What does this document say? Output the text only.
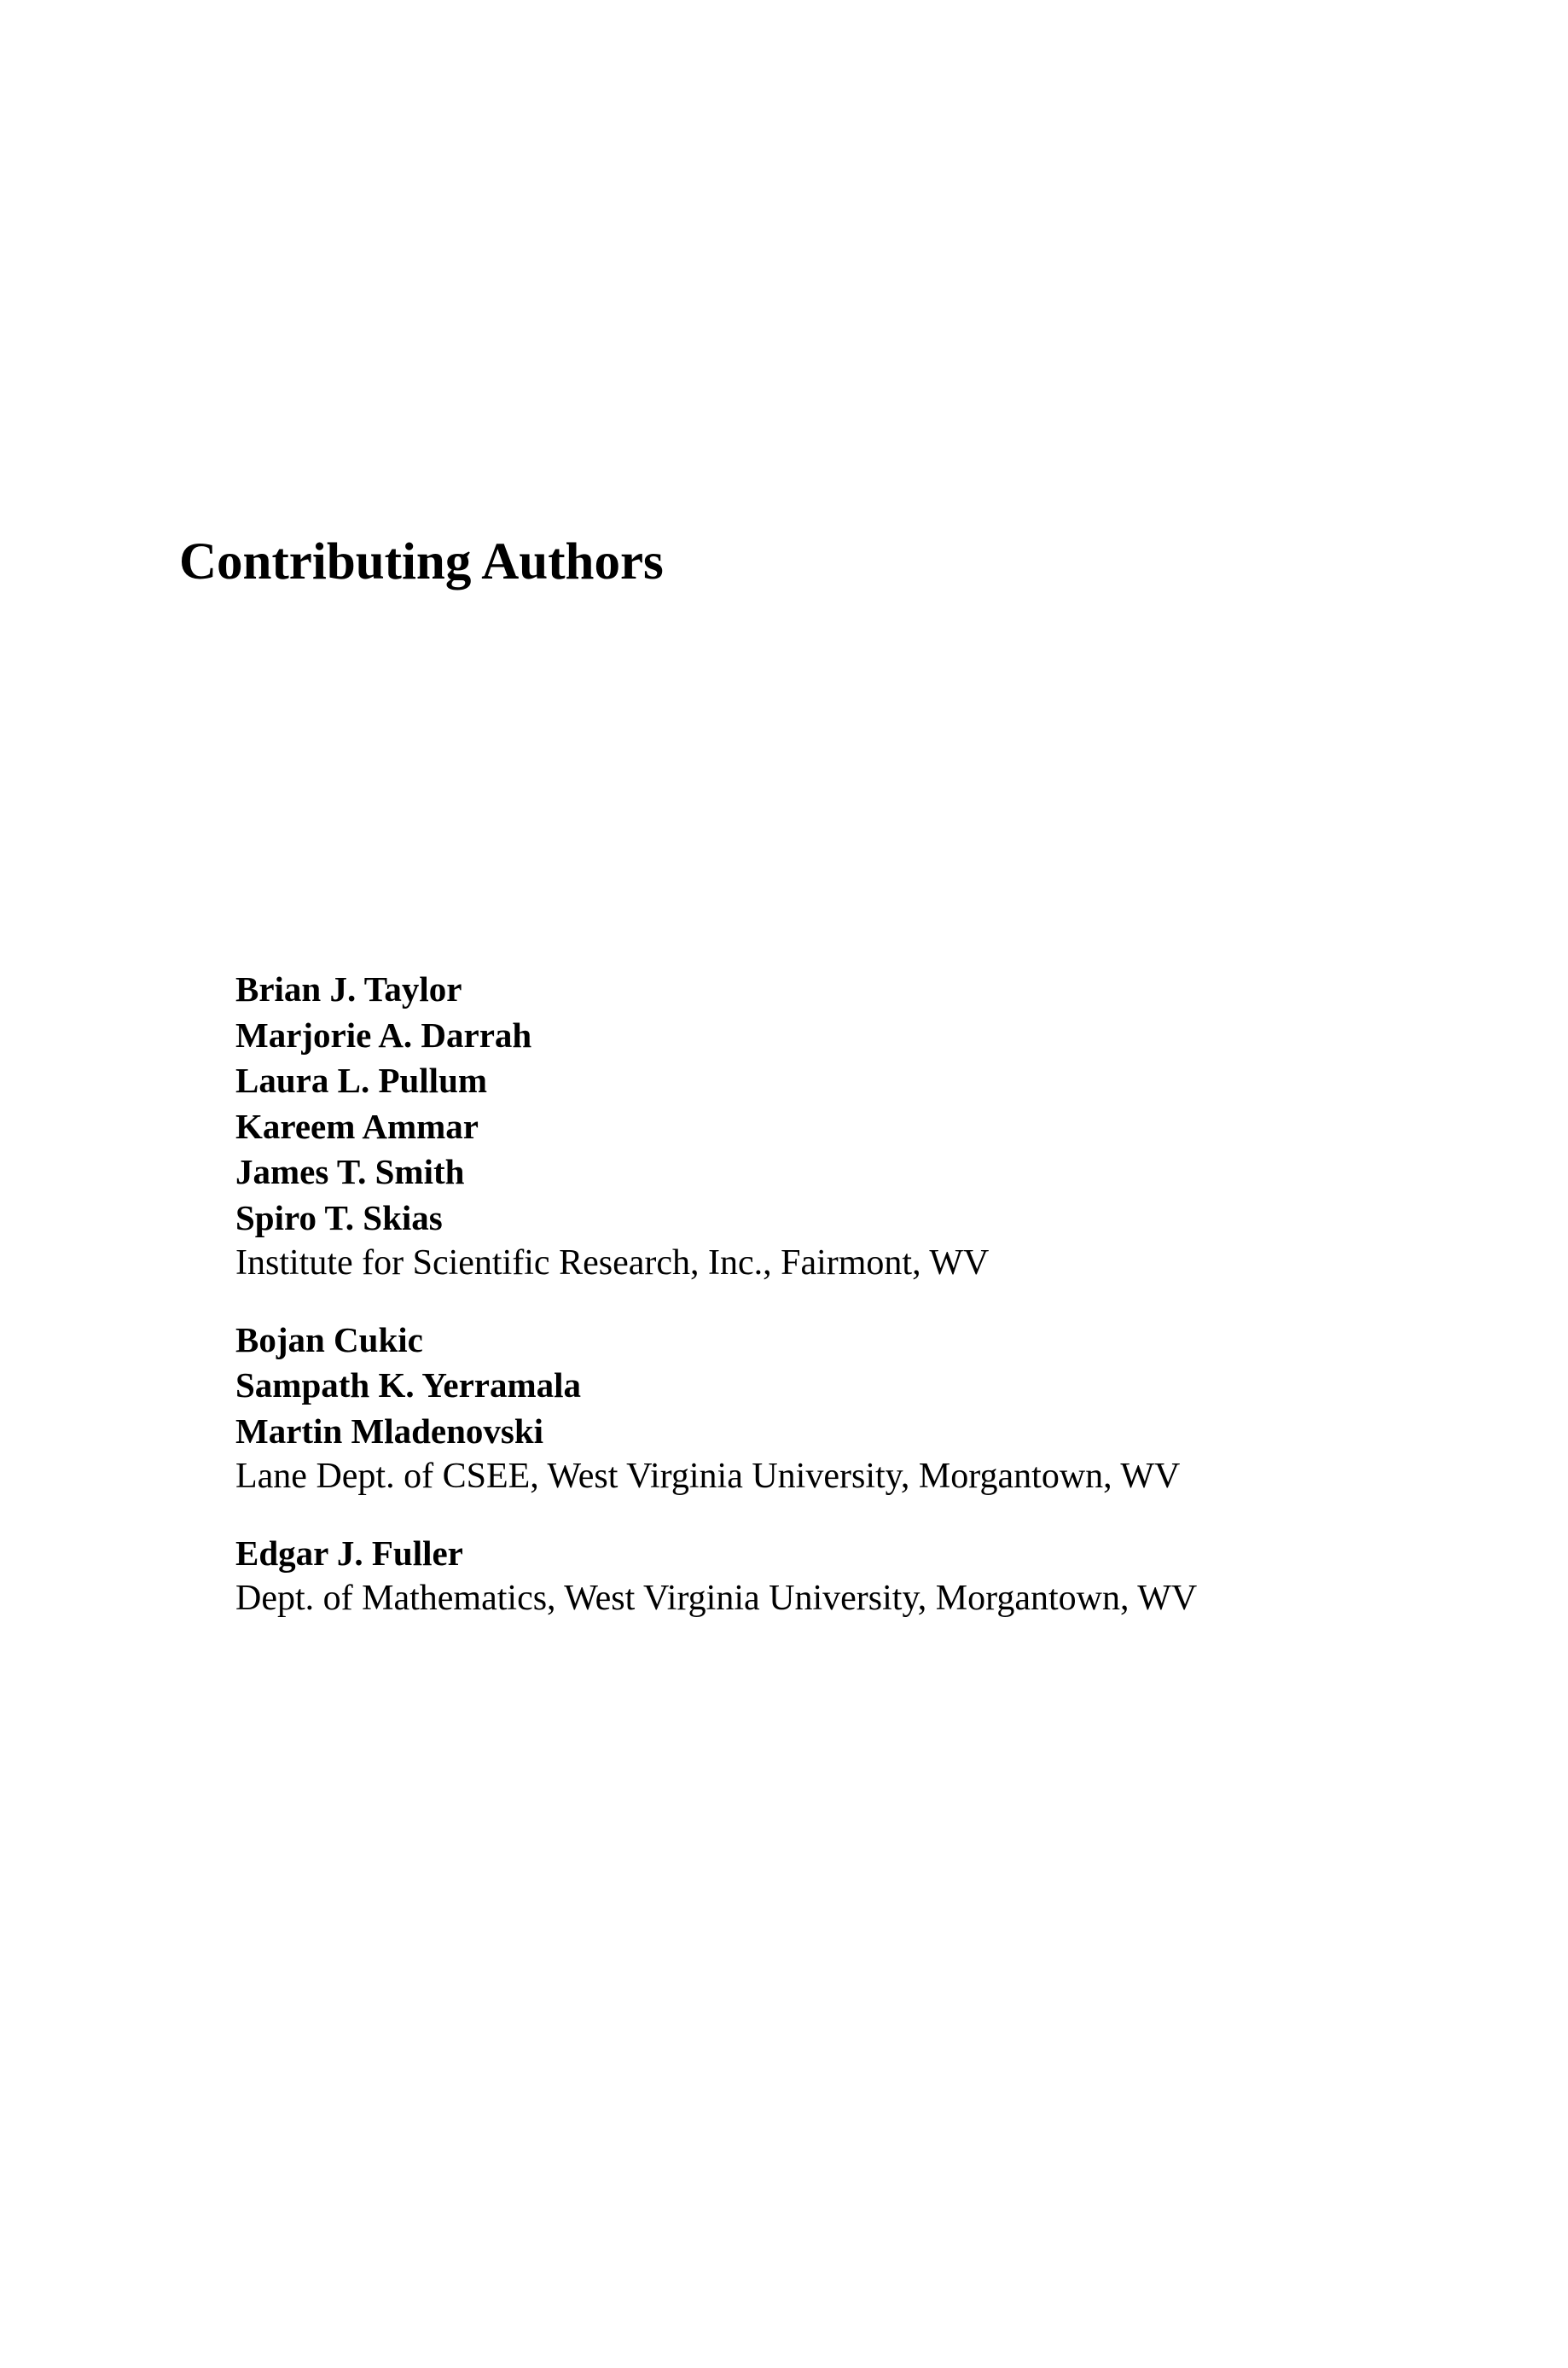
Contributing Authors
Brian J. Taylor
Marjorie A. Darrah
Laura L. Pullum
Kareem Ammar
James T. Smith
Spiro T. Skias
Institute for Scientific Research, Inc., Fairmont, WV
Bojan Cukic
Sampath K. Yerramala
Martin Mladenovski
Lane Dept. of CSEE, West Virginia University, Morgantown, WV
Edgar J. Fuller
Dept. of Mathematics, West Virginia University, Morgantown, WV
